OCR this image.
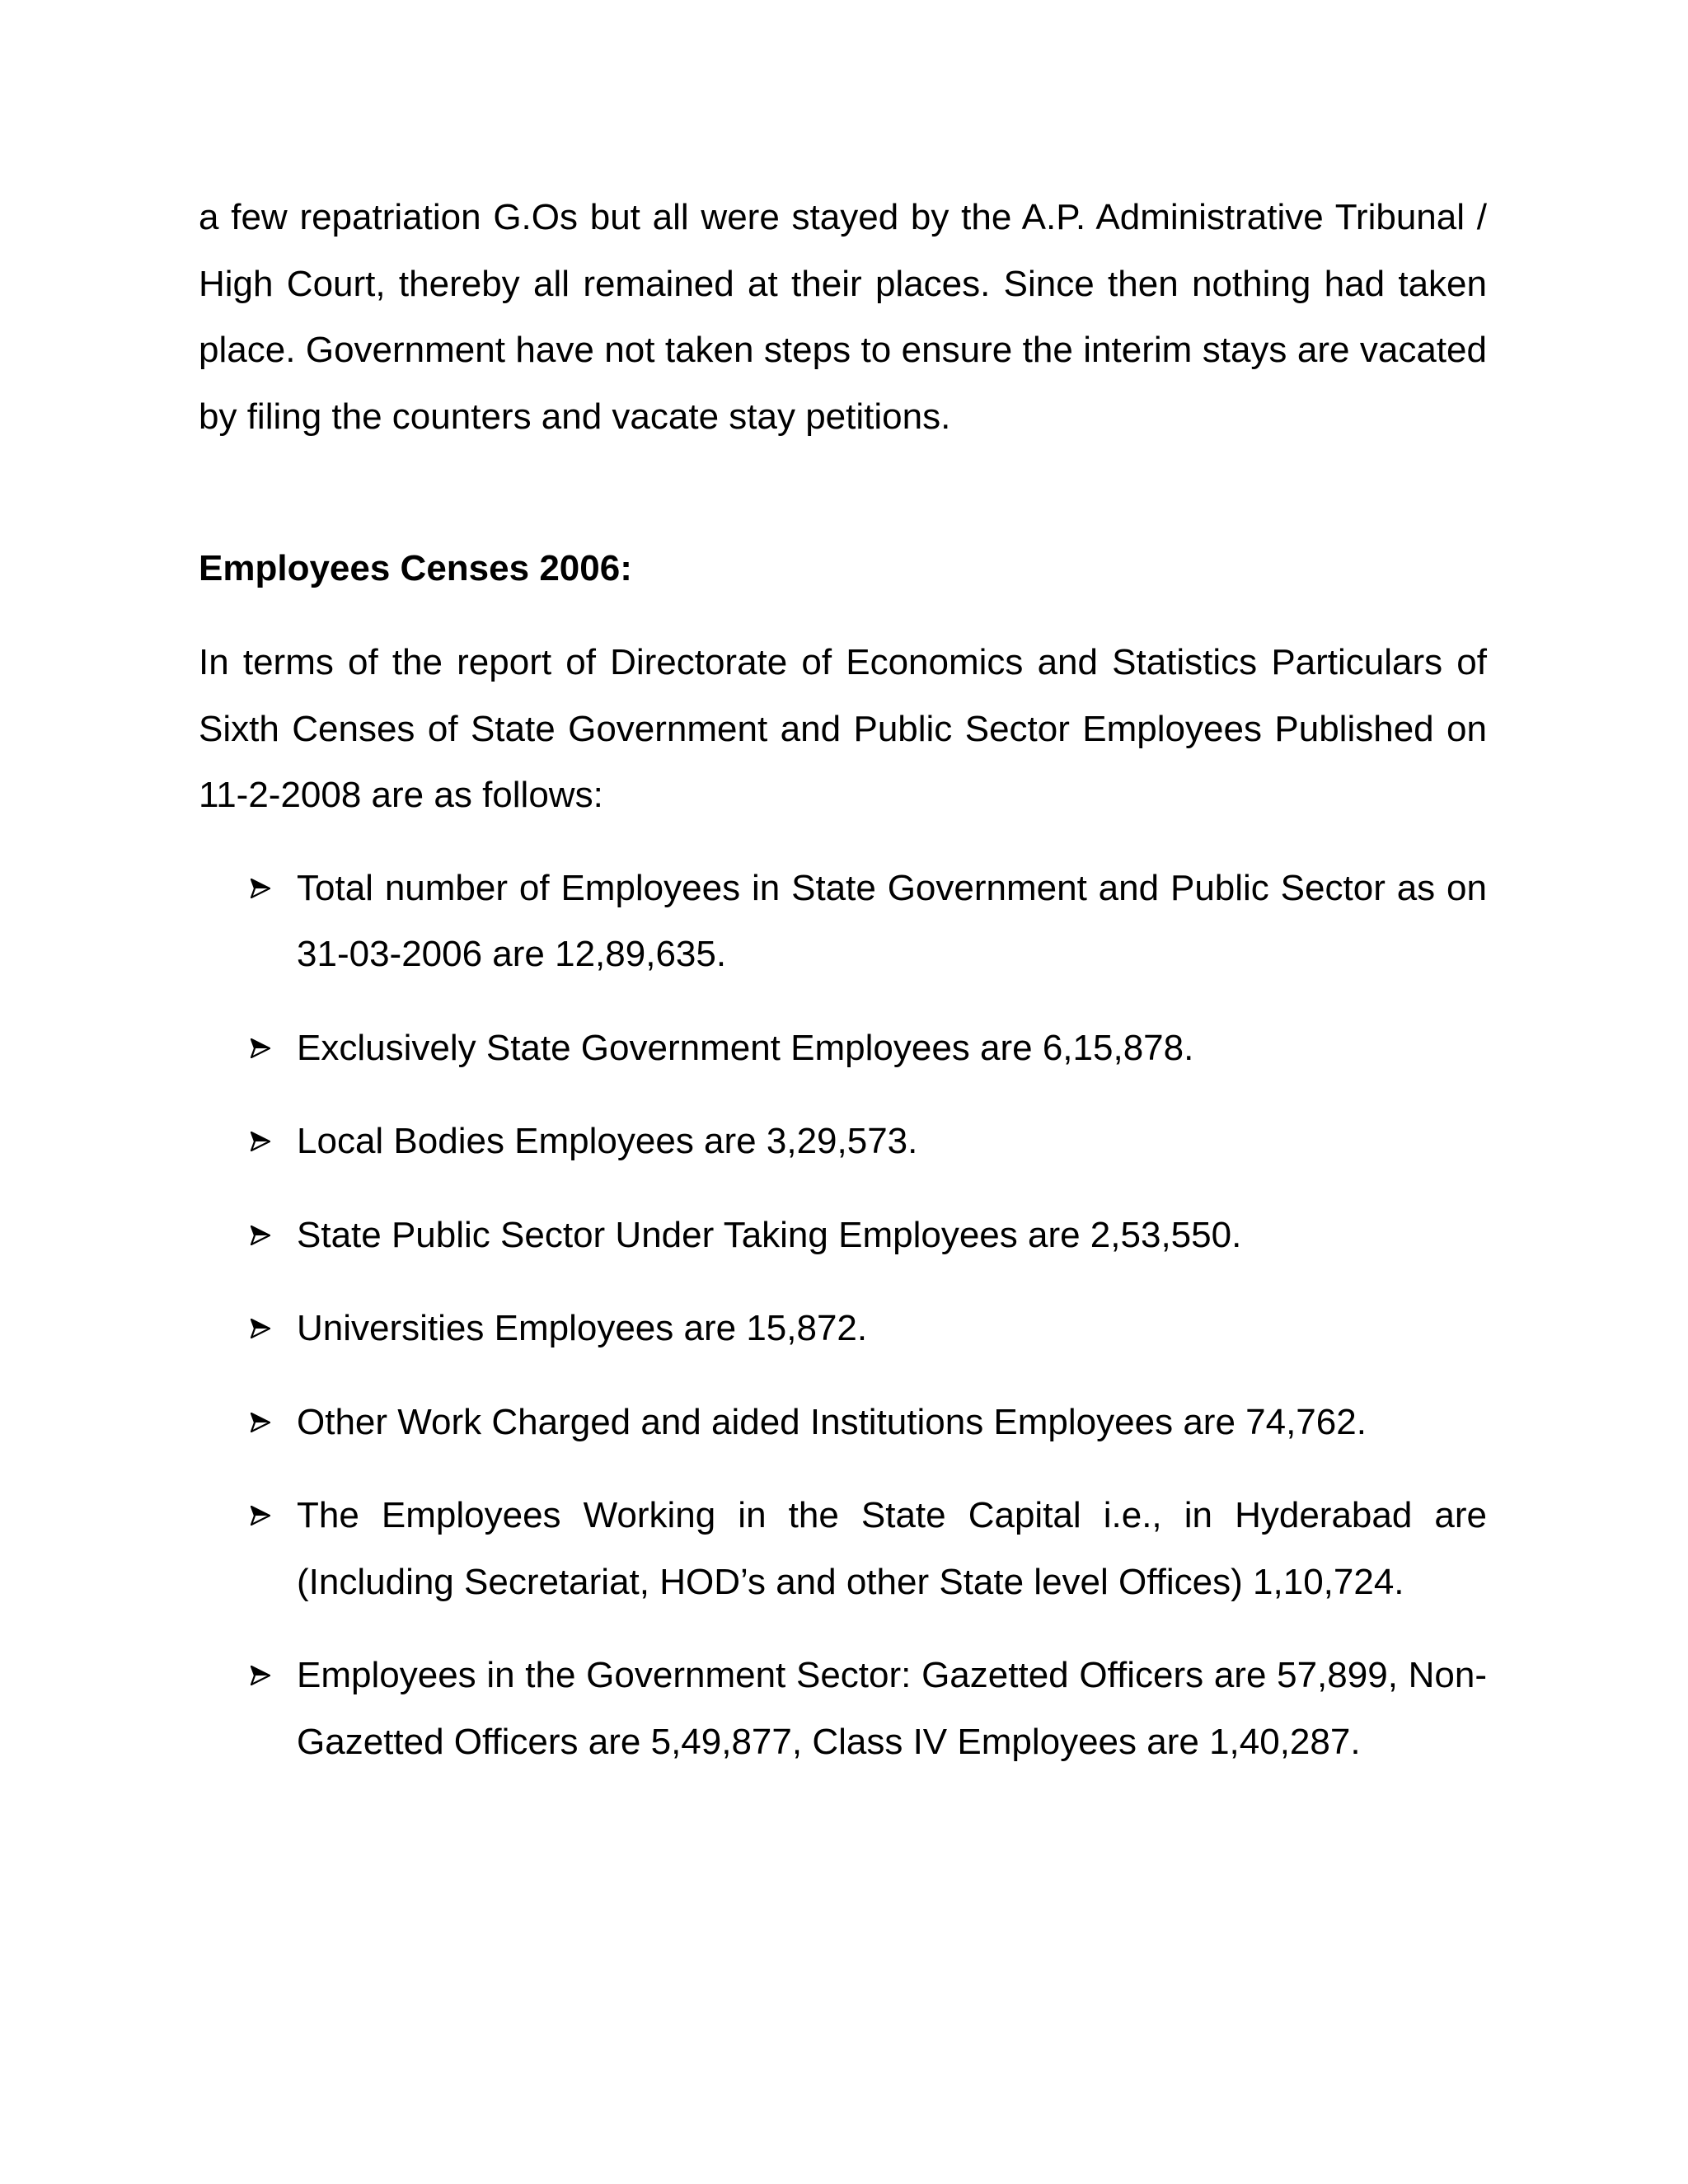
a few repatriation G.Os but all were stayed by the A.P. Administrative Tribunal / High Court, thereby all remained at their places. Since then nothing had taken place. Government have not taken steps to ensure the interim stays are vacated by filing the counters and vacate stay petitions.

Employees Censes 2006:

In terms of the report of Directorate of Economics and Statistics Particulars of Sixth Censes of State Government and Public Sector Employees Published on 11-2-2008 are as follows:

Total number of Employees in State Government and Public Sector as on 31-03-2006 are 12,89,635.
Exclusively State Government Employees are 6,15,878.
Local Bodies Employees are 3,29,573.
State Public Sector Under Taking Employees are 2,53,550.
Universities Employees are 15,872.
Other Work Charged and aided Institutions Employees are 74,762.
The Employees Working in the State Capital i.e., in Hyderabad are (Including Secretariat, HOD’s and other State level Offices) 1,10,724.
Employees in the Government Sector: Gazetted Officers are 57,899, Non-Gazetted Officers are 5,49,877, Class IV Employees are 1,40,287.
